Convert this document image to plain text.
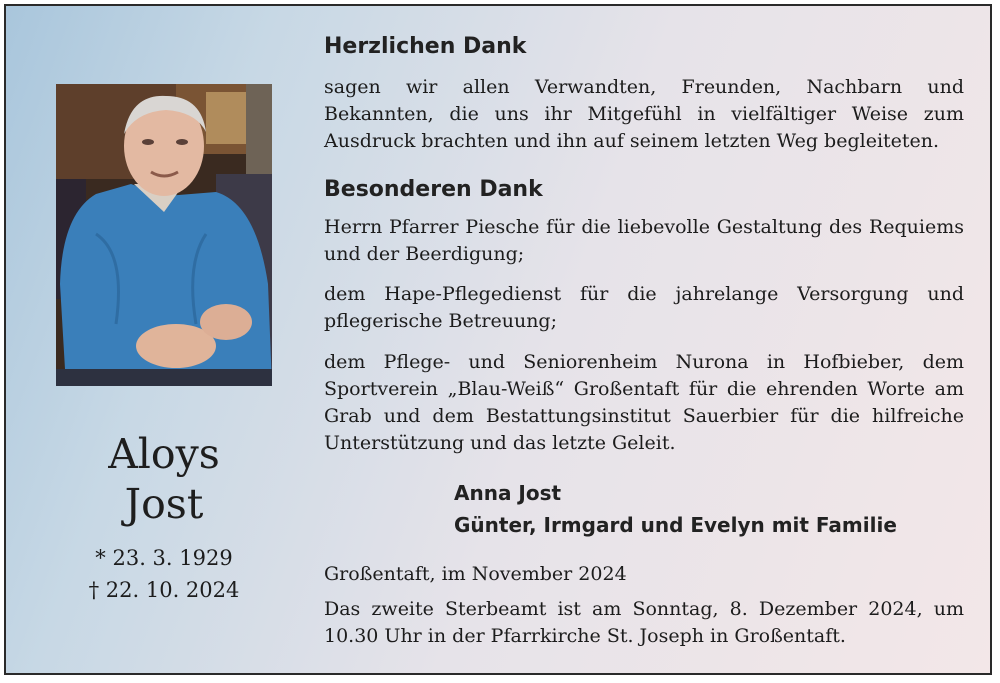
Aloys
Jost
* 23. 3. 1929
† 22. 10. 2024
Herzlichen Dank
sagen wir allen Verwandten, Freunden, Nachbarn und Bekannten, die uns ihr Mitgefühl in vielfältiger Weise zum Ausdruck brachten und ihn auf seinem letzten Weg begleiteten.
Besonderen Dank
Herrn Pfarrer Piesche für die liebevolle Gestaltung des Requiems und der Beerdigung;
dem Hape-Pflegedienst für die jahrelange Versorgung und pflegerische Betreuung;
dem Pflege- und Seniorenheim Nurona in Hofbieber, dem Sportverein „Blau-Weiß“ Großentaft für die ehrenden Worte am Grab und dem Bestattungsinstitut Sauerbier für die hilfreiche Unterstützung und das letzte Geleit.
Anna Jost
Günter, Irmgard und Evelyn mit Familie
Großentaft, im November 2024
Das zweite Sterbeamt ist am Sonntag, 8. Dezember 2024, um 10.30 Uhr in der Pfarrkirche St. Joseph in Großentaft.
